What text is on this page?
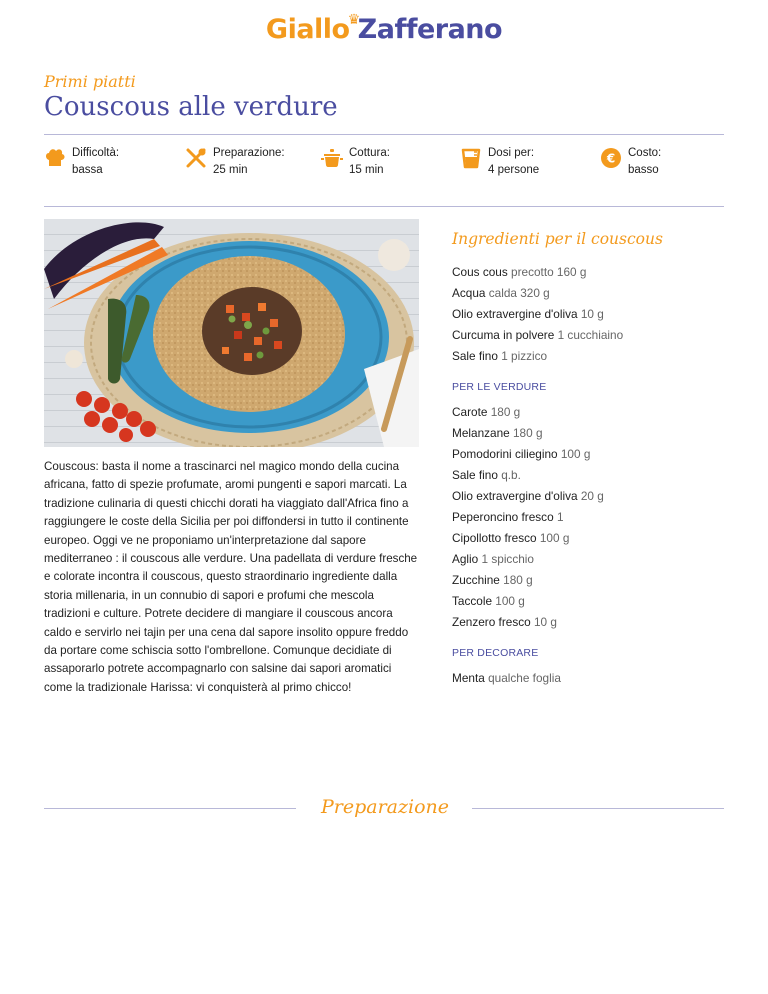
Giallo♛Zafferano
Primi piatti
Couscous alle verdure
Difficoltà:
bassa
Preparazione:
25 min
Cottura:
15 min
Dosi per:
4 persone
€ Costo:
basso

Couscous: basta il nome a trascinarci nel magico mondo della cucina africana, fatto di spezie profumate, aromi pungenti e sapori marcati. La tradizione culinaria di questi chicchi dorati ha viaggiato dall'Africa fino a raggiungere le coste della Sicilia per poi diffondersi in tutto il continente europeo. Oggi ve ne proponiamo un'interpretazione dal sapore mediterraneo : il couscous alle verdure. Una padellata di verdure fresche e colorate incontra il couscous, questo straordinario ingrediente dalla storia millenaria, in un connubio di sapori e profumi che mescola tradizioni e culture. Potrete decidere di mangiare il couscous ancora caldo e servirlo nei tajin per una cena dal sapore insolito oppure freddo da portare come schiscia sotto l'ombrellone. Comunque decidiate di assaporarlo potrete accompagnarlo con salsine dai sapori aromatici come la tradizionale Harissa: vi conquisterà al primo chicco!

Ingredienti per il couscous
Cous cous precotto 160 g
Acqua calda 320 g
Olio extravergine d'oliva 10 g
Curcuma in polvere 1 cucchiaino
Sale fino 1 pizzico
PER LE VERDURE
Carote 180 g
Melanzane 180 g
Pomodorini ciliegino 100 g
Sale fino q.b.
Olio extravergine d'oliva 20 g
Peperoncino fresco 1
Cipollotto fresco 100 g
Aglio 1 spicchio
Zucchine 180 g
Taccole 100 g
Zenzero fresco 10 g
PER DECORARE
Menta qualche foglia
Preparazione
